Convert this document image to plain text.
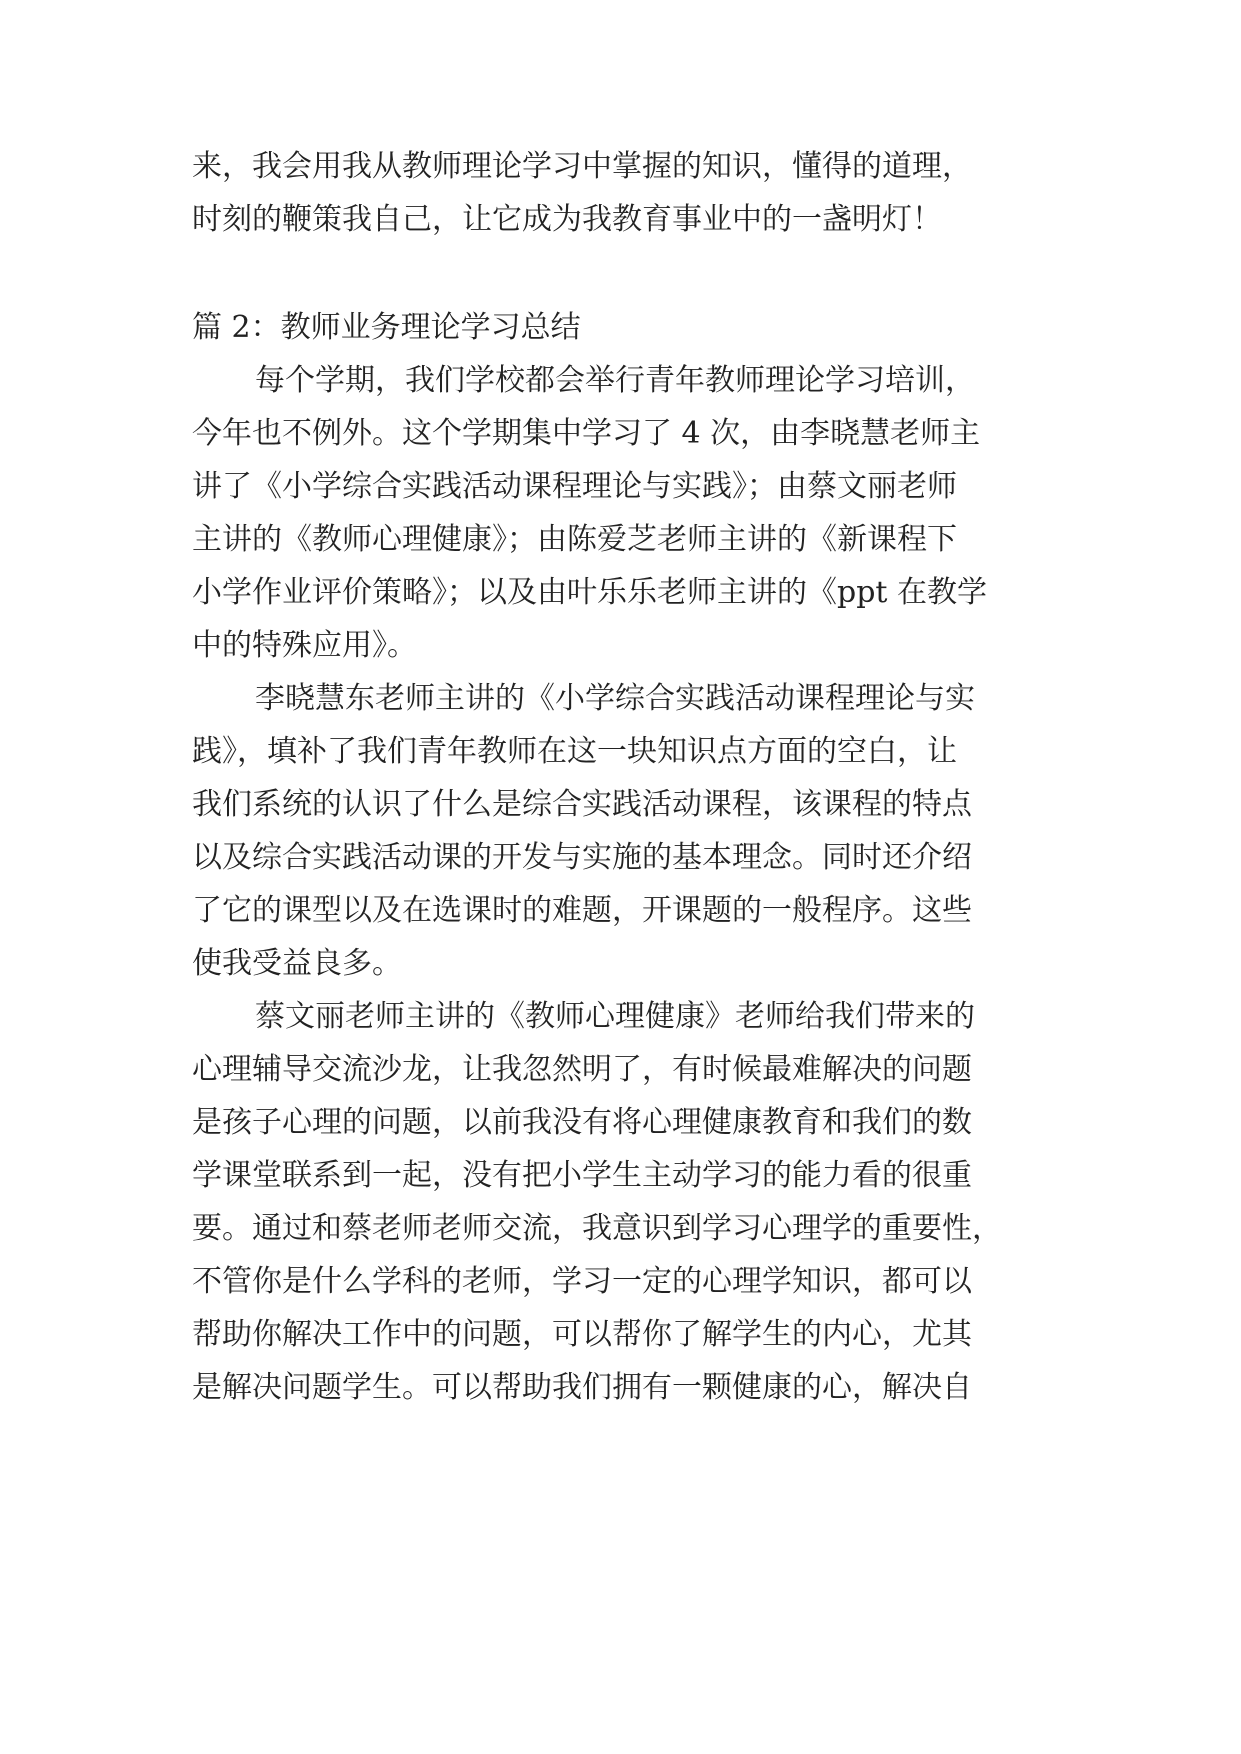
来，我会用我从教师理论学习中掌握的知识，懂得的道理，

时刻的鞭策我自己，让它成为我教育事业中的一盏明灯！

篇 2：教师业务理论学习总结

每个学期，我们学校都会举行青年教师理论学习培训，

今年也不例外。这个学期集中学习了 4 次，由李晓慧老师主

讲了《小学综合实践活动课程理论与实践》；由蔡文丽老师

主讲的《教师心理健康》；由陈爱芝老师主讲的《新课程下

小学作业评价策略》；以及由叶乐乐老师主讲的《ppt 在教学

中的特殊应用》。

李晓慧东老师主讲的《小学综合实践活动课程理论与实

践》，填补了我们青年教师在这一块知识点方面的空白，让

我们系统的认识了什么是综合实践活动课程，该课程的特点

以及综合实践活动课的开发与实施的基本理念。同时还介绍

了它的课型以及在选课时的难题，开课题的一般程序。这些

使我受益良多。

蔡文丽老师主讲的《教师心理健康》老师给我们带来的

心理辅导交流沙龙，让我忽然明了，有时候最难解决的问题

是孩子心理的问题，以前我没有将心理健康教育和我们的数

学课堂联系到一起，没有把小学生主动学习的能力看的很重

要。通过和蔡老师老师交流，我意识到学习心理学的重要性，

不管你是什么学科的老师，学习一定的心理学知识，都可以

帮助你解决工作中的问题，可以帮你了解学生的内心，尤其

是解决问题学生。可以帮助我们拥有一颗健康的心，解决自
